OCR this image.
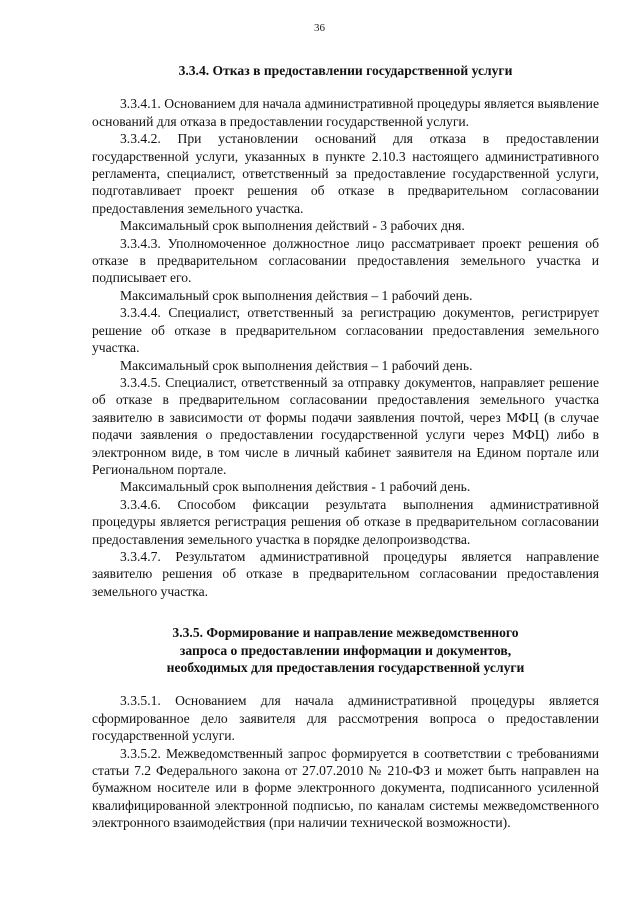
36
3.3.4. Отказ в предоставлении государственной услуги

3.3.4.1. Основанием для начала административной процедуры является выявление оснований для отказа в предоставлении государственной услуги.

3.3.4.2. При установлении оснований для отказа в предоставлении государственной услуги, указанных в пункте 2.10.3 настоящего административного регламента, специалист, ответственный за предоставление государственной услуги, подготавливает проект решения об отказе в предварительном согласовании предоставления земельного участка.

Максимальный срок выполнения действий - 3 рабочих дня.

3.3.4.3. Уполномоченное должностное лицо рассматривает проект решения об отказе в предварительном согласовании предоставления земельного участка и подписывает его.

Максимальный срок выполнения действия – 1 рабочий день.

3.3.4.4. Специалист, ответственный за регистрацию документов, регистрирует решение об отказе в предварительном согласовании предоставления земельного участка.

Максимальный срок выполнения действия – 1 рабочий день.

3.3.4.5. Специалист, ответственный за отправку документов, направляет решение об отказе в предварительном согласовании предоставления земельного участка заявителю в зависимости от формы подачи заявления почтой, через МФЦ (в случае подачи заявления о предоставлении государственной услуги через МФЦ) либо в электронном виде, в том числе в личный кабинет заявителя на Едином портале или Региональном портале.

Максимальный срок выполнения действия - 1 рабочий день.

3.3.4.6. Способом фиксации результата выполнения административной процедуры является регистрация решения об отказе в предварительном согласовании предоставления земельного участка в порядке делопроизводства.

3.3.4.7. Результатом административной процедуры является направление заявителю решения об отказе в предварительном согласовании предоставления земельного участка.

3.3.5. Формирование и направление межведомственного
запроса о предоставлении информации и документов,
необходимых для предоставления государственной услуги

3.3.5.1. Основанием для начала административной процедуры является сформированное дело заявителя для рассмотрения вопроса о предоставлении государственной услуги.

3.3.5.2. Межведомственный запрос формируется в соответствии с требованиями статьи 7.2 Федерального закона от 27.07.2010 № 210-ФЗ и может быть направлен на бумажном носителе или в форме электронного документа, подписанного усиленной квалифицированной электронной подписью, по каналам системы межведомственного электронного взаимодействия (при наличии технической возможности).
